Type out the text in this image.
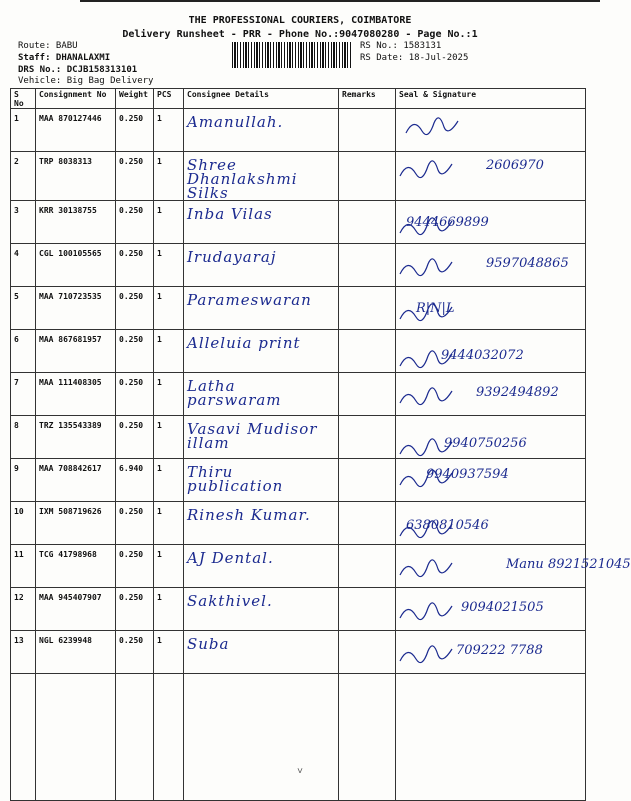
THE PROFESSIONAL COURIERS, COIMBATORE
Delivery Runsheet - PRR - Phone No.:9047080280 - Page No.:1
Route: BABU
Staff: DHANALAXMI
DRS No.: DCJB158313101
Vehicle: Big Bag Delivery
RS No.: 1583131
RS Date: 18-Jul-2025
S No	Consignment No	Weight	PCS	Consignee Details	Remarks	Seal & Signature
1	MAA 870127446	0.250	1	Amanullah.

2	TRP 8038313	0.250	1	Shree Dhanlakshmi Silks		2606970

3	KRR 30138755	0.250	1	Inba Vilas		9444669899

4	CGL 100105565	0.250	1	Irudayaraj		9597048865

5	MAA 710723535	0.250	1	Parameswaran		R|N|L

6	MAA 867681957	0.250	1	Alleluia print		9444032072

7	MAA 111408305	0.250	1	Latha parswaram		9392494892

8	TRZ 135543389	0.250	1	Vasavi Mudisor illam		9940750256

9	MAA 708842617	6.940	1	Thiru publication		9940937594

10	IXM 508719626	0.250	1	Rinesh Kumar.		6380810546

11	TCG 41798968	0.250	1	AJ Dental.		Manu 8921521045

12	MAA 945407907	0.250	1	Sakthivel.		9094021505

13	NGL 6239948	0.250	1	Suba		709222 7788

˅
